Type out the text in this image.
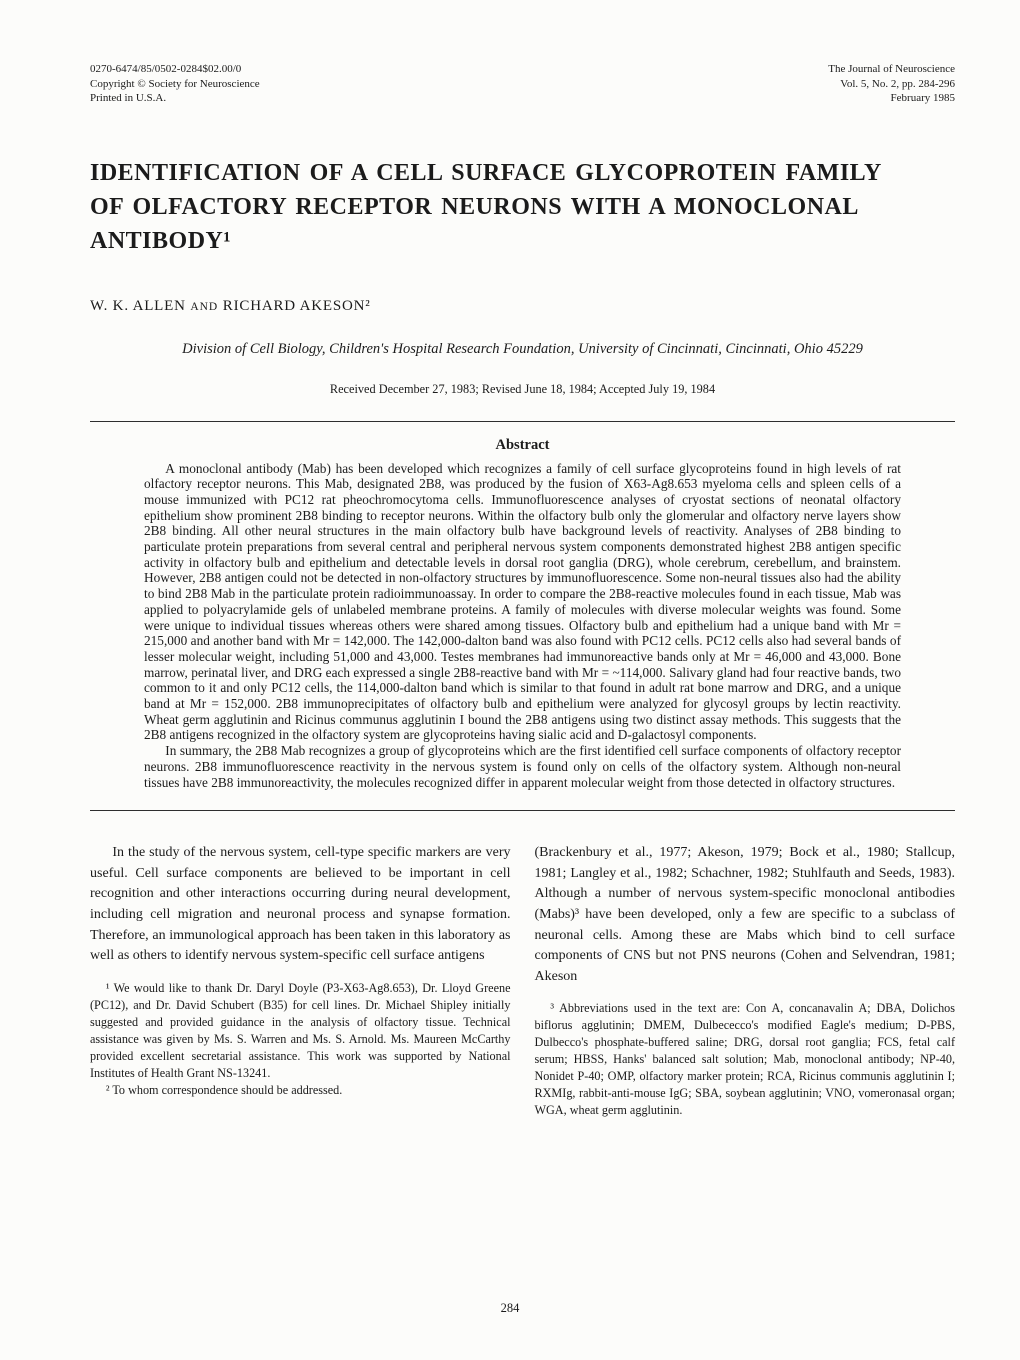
0270-6474/85/0502-0284$02.00/0
Copyright © Society for Neuroscience
Printed in U.S.A.
The Journal of Neuroscience
Vol. 5, No. 2, pp. 284-296
February 1985
IDENTIFICATION OF A CELL SURFACE GLYCOPROTEIN FAMILY
OF OLFACTORY RECEPTOR NEURONS WITH A MONOCLONAL
ANTIBODY¹
W. K. ALLEN AND RICHARD AKESON²
Division of Cell Biology, Children's Hospital Research Foundation, University of Cincinnati, Cincinnati, Ohio 45229
Received December 27, 1983; Revised June 18, 1984; Accepted July 19, 1984
Abstract

A monoclonal antibody (Mab) has been developed which recognizes a family of cell surface glycoproteins found in high levels of rat olfactory receptor neurons. This Mab, designated 2B8, was produced by the fusion of X63-Ag8.653 myeloma cells and spleen cells of a mouse immunized with PC12 rat pheochromocytoma cells. Immunofluorescence analyses of cryostat sections of neonatal olfactory epithelium show prominent 2B8 binding to receptor neurons. Within the olfactory bulb only the glomerular and olfactory nerve layers show 2B8 binding. All other neural structures in the main olfactory bulb have background levels of reactivity. Analyses of 2B8 binding to particulate protein preparations from several central and peripheral nervous system components demonstrated highest 2B8 antigen specific activity in olfactory bulb and epithelium and detectable levels in dorsal root ganglia (DRG), whole cerebrum, cerebellum, and brainstem. However, 2B8 antigen could not be detected in non-olfactory structures by immunofluorescence. Some non-neural tissues also had the ability to bind 2B8 Mab in the particulate protein radioimmunoassay. In order to compare the 2B8-reactive molecules found in each tissue, Mab was applied to polyacrylamide gels of unlabeled membrane proteins. A family of molecules with diverse molecular weights was found. Some were unique to individual tissues whereas others were shared among tissues. Olfactory bulb and epithelium had a unique band with Mr = 215,000 and another band with Mr = 142,000. The 142,000-dalton band was also found with PC12 cells. PC12 cells also had several bands of lesser molecular weight, including 51,000 and 43,000. Testes membranes had immunoreactive bands only at Mr = 46,000 and 43,000. Bone marrow, perinatal liver, and DRG each expressed a single 2B8-reactive band with Mr = ~114,000. Salivary gland had four reactive bands, two common to it and only PC12 cells, the 114,000-dalton band which is similar to that found in adult rat bone marrow and DRG, and a unique band at Mr = 152,000. 2B8 immunoprecipitates of olfactory bulb and epithelium were analyzed for glycosyl groups by lectin reactivity. Wheat germ agglutinin and Ricinus communus agglutinin I bound the 2B8 antigens using two distinct assay methods. This suggests that the 2B8 antigens recognized in the olfactory system are glycoproteins having sialic acid and D-galactosyl components.

In summary, the 2B8 Mab recognizes a group of glycoproteins which are the first identified cell surface components of olfactory receptor neurons. 2B8 immunofluorescence reactivity in the nervous system is found only on cells of the olfactory system. Although non-neural tissues have 2B8 immunoreactivity, the molecules recognized differ in apparent molecular weight from those detected in olfactory structures.

In the study of the nervous system, cell-type specific markers are very useful. Cell surface components are believed to be important in cell recognition and other interactions occurring during neural development, including cell migration and neuronal process and synapse formation. Therefore, an immunological approach has been taken in this laboratory as well as others to identify nervous system-specific cell surface antigens

¹ We would like to thank Dr. Daryl Doyle (P3-X63-Ag8.653), Dr. Lloyd Greene (PC12), and Dr. David Schubert (B35) for cell lines. Dr. Michael Shipley initially suggested and provided guidance in the analysis of olfactory tissue. Technical assistance was given by Ms. S. Warren and Ms. S. Arnold. Ms. Maureen McCarthy provided excellent secretarial assistance. This work was supported by National Institutes of Health Grant NS-13241.

² To whom correspondence should be addressed.

(Brackenbury et al., 1977; Akeson, 1979; Bock et al., 1980; Stallcup, 1981; Langley et al., 1982; Schachner, 1982; Stuhlfauth and Seeds, 1983). Although a number of nervous system-specific monoclonal antibodies (Mabs)³ have been developed, only a few are specific to a subclass of neuronal cells. Among these are Mabs which bind to cell surface components of CNS but not PNS neurons (Cohen and Selvendran, 1981; Akeson

³ Abbreviations used in the text are: Con A, concanavalin A; DBA, Dolichos biflorus agglutinin; DMEM, Dulbececco's modified Eagle's medium; D-PBS, Dulbecco's phosphate-buffered saline; DRG, dorsal root ganglia; FCS, fetal calf serum; HBSS, Hanks' balanced salt solution; Mab, monoclonal antibody; NP-40, Nonidet P-40; OMP, olfactory marker protein; RCA, Ricinus communis agglutinin I; RXMIg, rabbit-anti-mouse IgG; SBA, soybean agglutinin; VNO, vomeronasal organ; WGA, wheat germ agglutinin.

284
